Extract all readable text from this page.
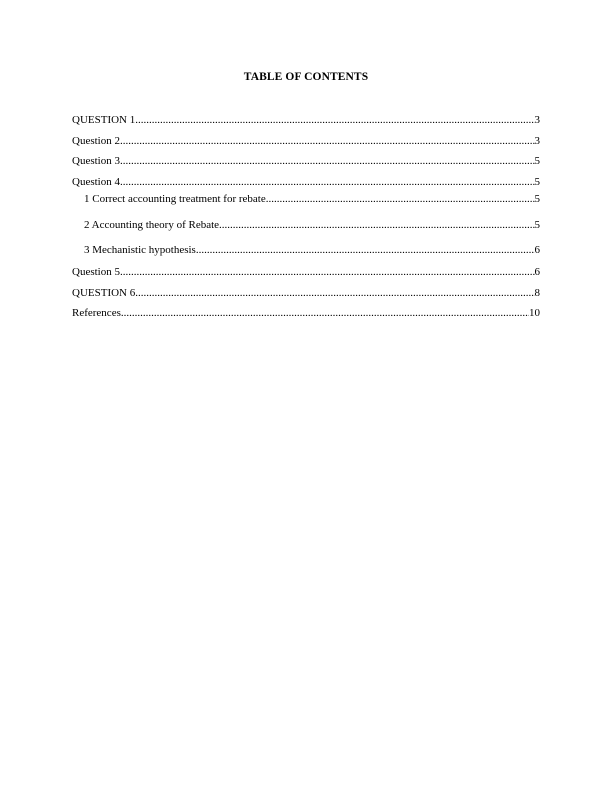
TABLE OF CONTENTS
QUESTION 1 .....	3
Question 2 .....	3
Question 3 .....	5
Question 4 .....	5
1 Correct accounting treatment for rebate .....	5
2 Accounting theory of Rebate .....	5
3 Mechanistic hypothesis .....	6
Question 5 .....	6
QUESTION 6 .....	8
References .....	10
